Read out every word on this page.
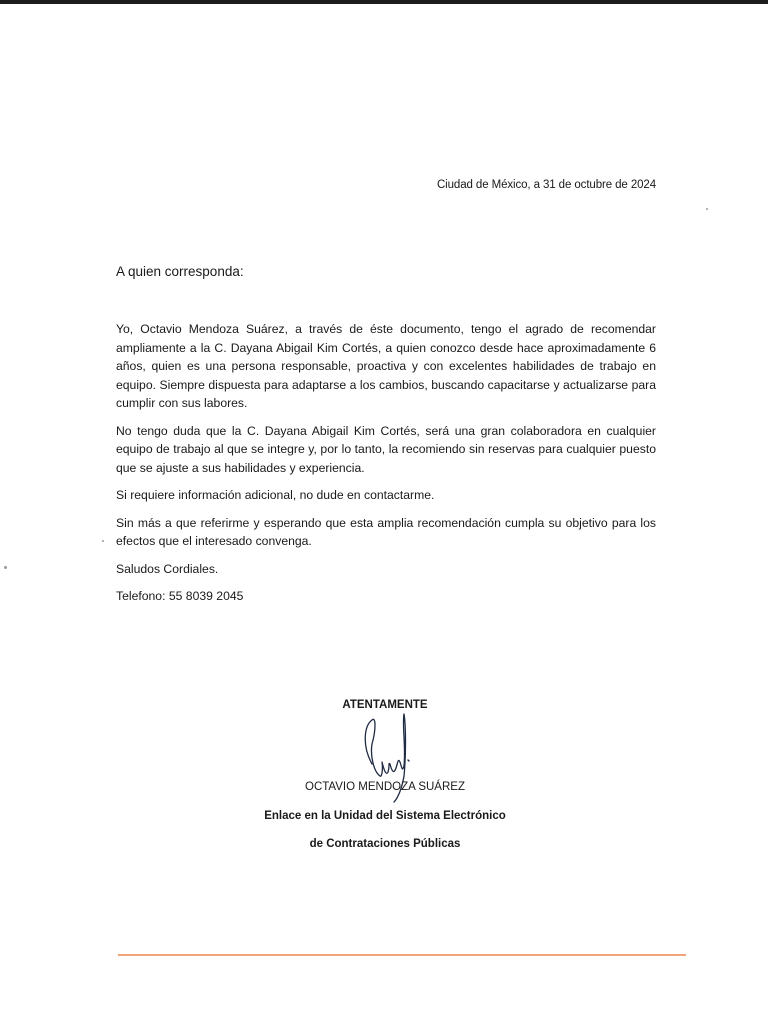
Ciudad de México, a 31 de octubre de 2024
A quien corresponda:

Yo, Octavio Mendoza Suárez, a través de éste documento, tengo el agrado de recomendar ampliamente a la C. Dayana Abigail Kim Cortés, a quien conozco desde hace aproximadamente 6 años, quien es una persona responsable, proactiva y con excelentes habilidades de trabajo en equipo. Siempre dispuesta para adaptarse a los cambios, buscando capacitarse y actualizarse para cumplir con sus labores.

No tengo duda que la C. Dayana Abigail Kim Cortés, será una gran colaboradora en cualquier equipo de trabajo al que se integre y, por lo tanto, la recomiendo sin reservas para cualquier puesto que se ajuste a sus habilidades y experiencia.

Si requiere información adicional, no dude en contactarme.

Sin más a que referirme y esperando que esta amplia recomendación cumpla su objetivo para los efectos que el interesado convenga.

Saludos Cordiales.

Telefono: 55 8039 2045

ATENTAMENTE
OCTAVIO MENDOZA SUÁREZ
Enlace en la Unidad del Sistema Electrónico
de Contrataciones Públicas
